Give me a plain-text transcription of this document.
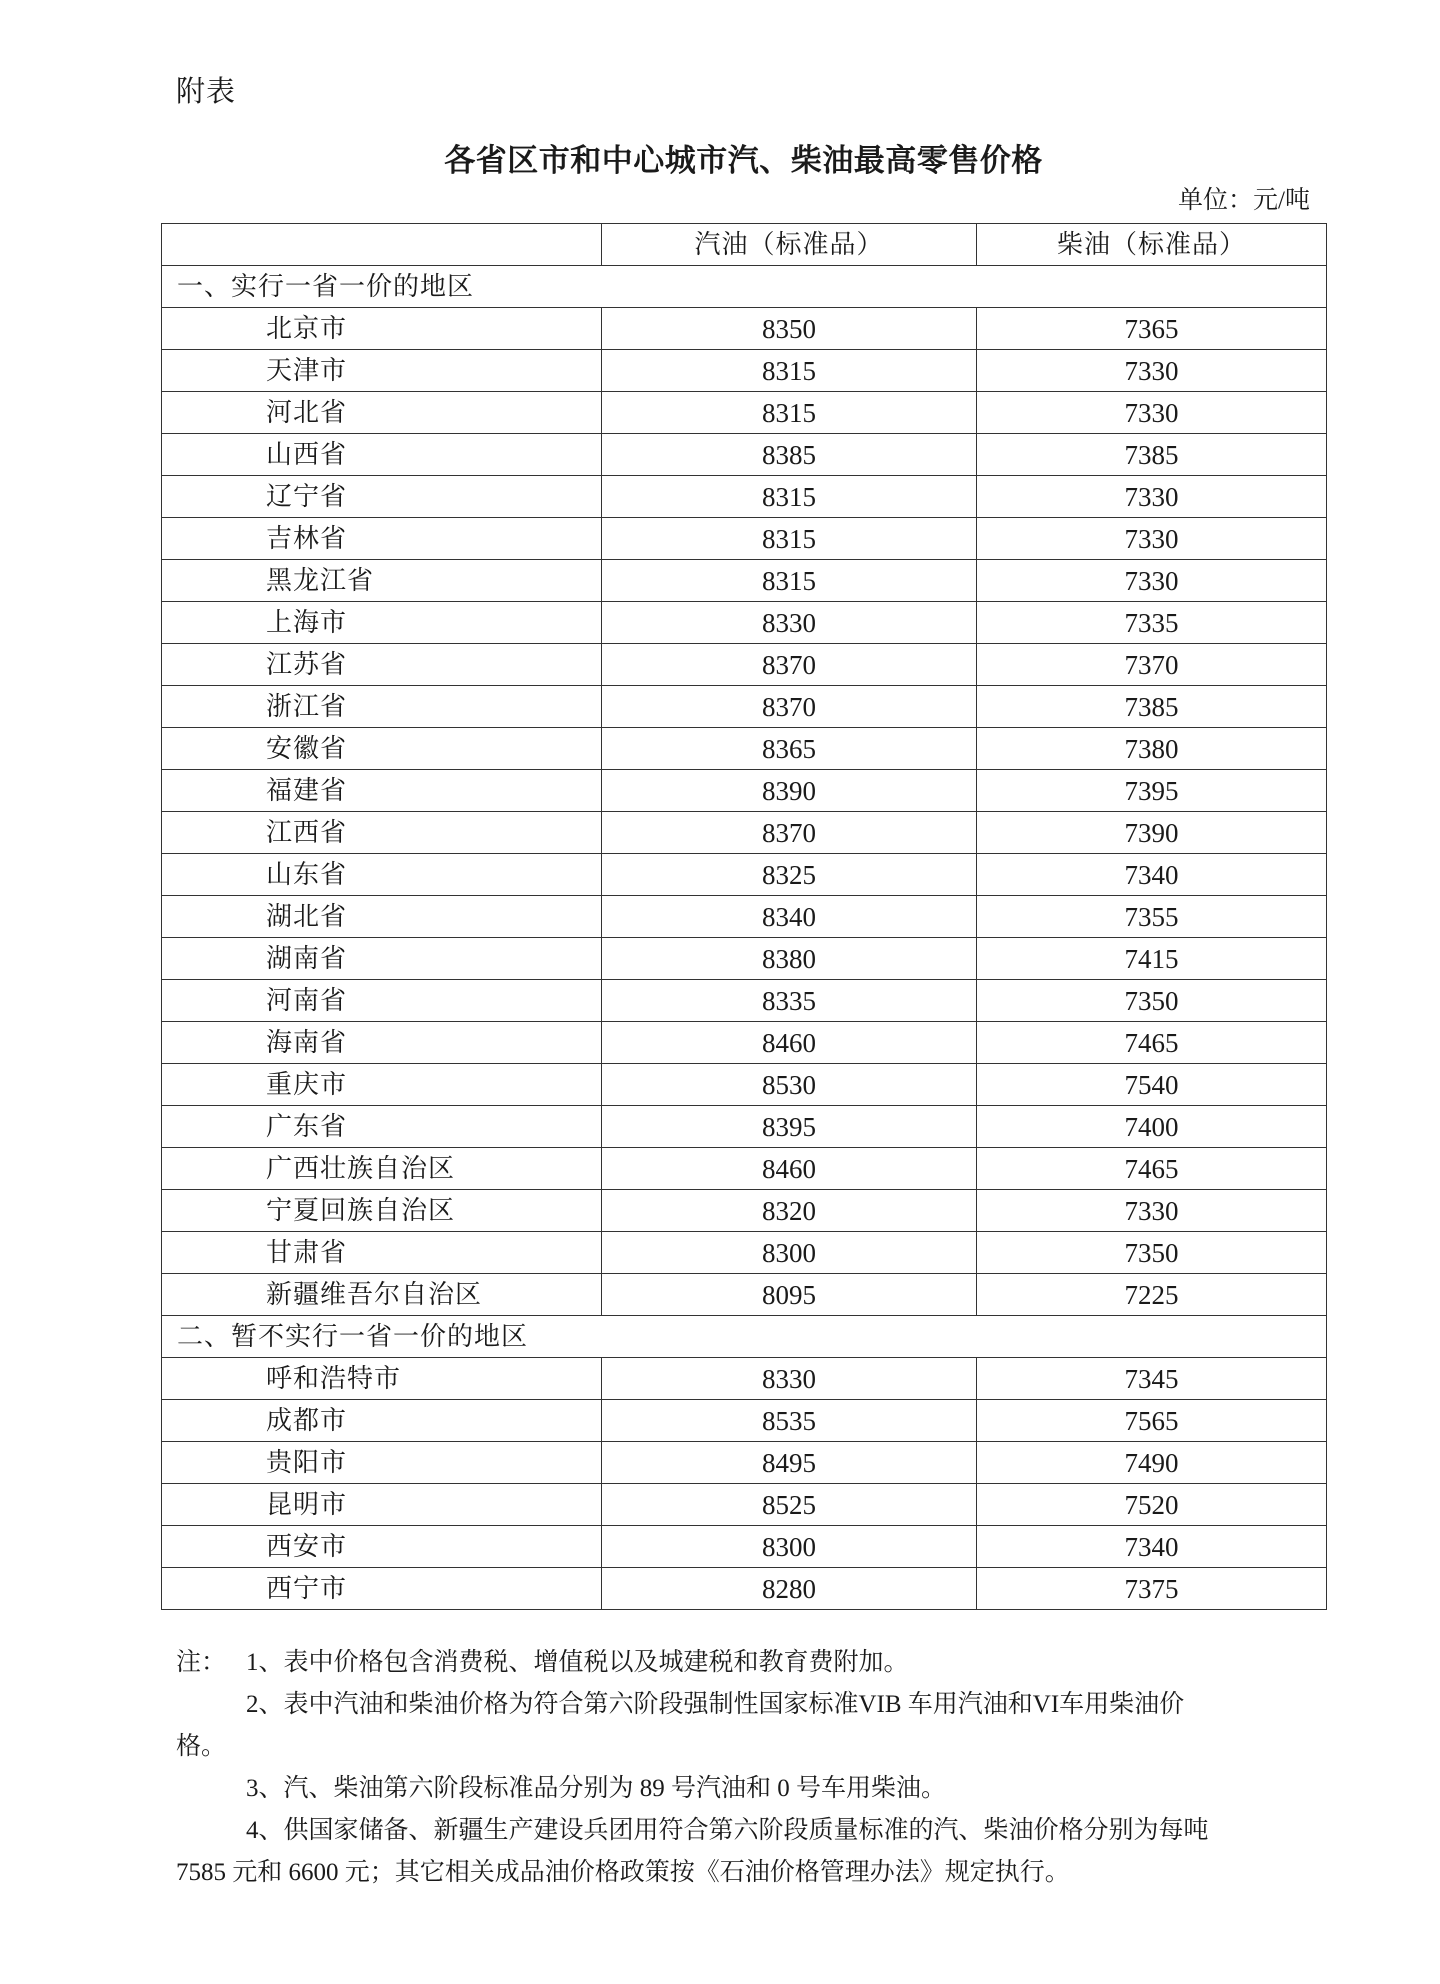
附表
各省区市和中心城市汽、柴油最高零售价格
单位：元/吨
	汽油（标准品）	柴油（标准品）
一、实行一省一价的地区		
北京市	8350	7365
天津市	8315	7330
河北省	8315	7330
山西省	8385	7385
辽宁省	8315	7330
吉林省	8315	7330
黑龙江省	8315	7330
上海市	8330	7335
江苏省	8370	7370
浙江省	8370	7385
安徽省	8365	7380
福建省	8390	7395
江西省	8370	7390
山东省	8325	7340
湖北省	8340	7355
湖南省	8380	7415
河南省	8335	7350
海南省	8460	7465
重庆市	8530	7540
广东省	8395	7400
广西壮族自治区	8460	7465
宁夏回族自治区	8320	7330
甘肃省	8300	7350
新疆维吾尔自治区	8095	7225
二、暂不实行一省一价的地区		
呼和浩特市	8330	7345
成都市	8535	7565
贵阳市	8495	7490
昆明市	8525	7520
西安市	8300	7340
西宁市	8280	7375
注： 1、表中价格包含消费税、增值税以及城建税和教育费附加。
2、表中汽油和柴油价格为符合第六阶段强制性国家标准VIB 车用汽油和VI车用柴油价
格。
3、汽、柴油第六阶段标准品分别为 89 号汽油和 0 号车用柴油。
4、供国家储备、新疆生产建设兵团用符合第六阶段质量标准的汽、柴油价格分别为每吨
7585 元和 6600 元；其它相关成品油价格政策按《石油价格管理办法》规定执行。
